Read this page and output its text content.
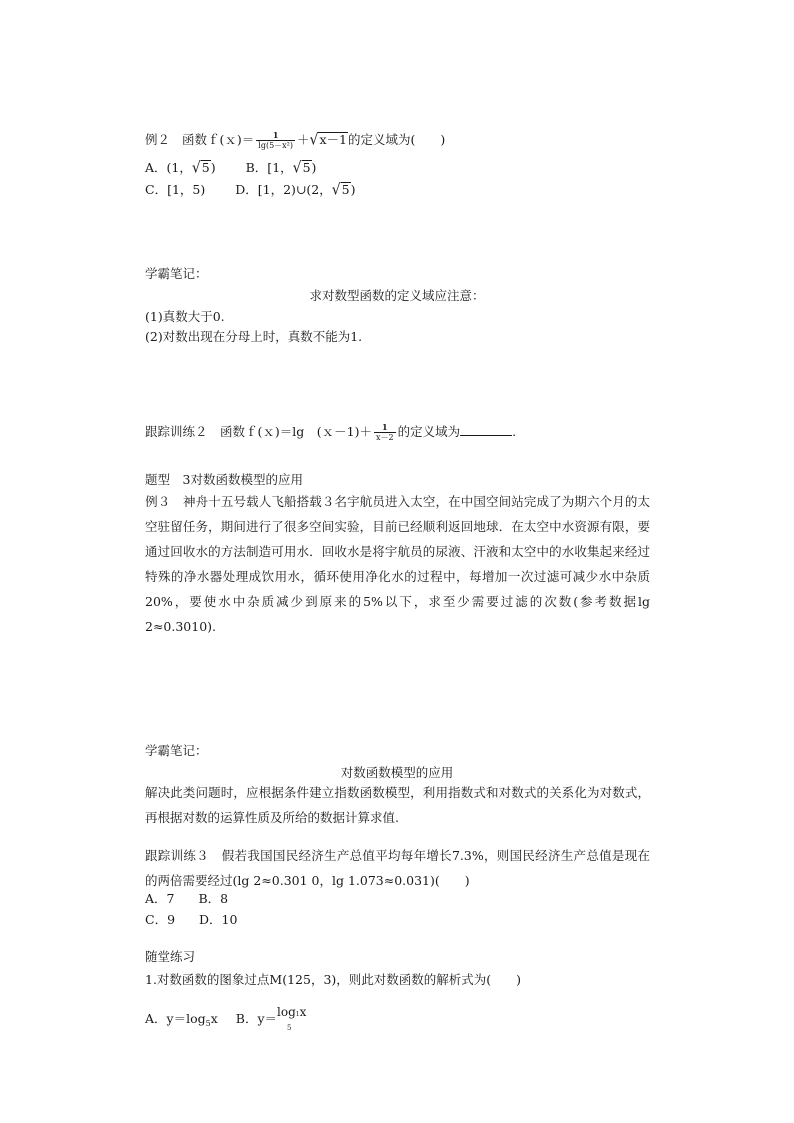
例２ 函数ｆ(ｘ)＝ $\frac{1}{\text{lg(5－x²)}} +√x-1$的定义域为(　　)
A．(1，√5) B．[1，√5)
C．[1，5) D．[1，2)∪(2，√5)
学霸笔记：
求对数型函数的定义域应注意：
(1)真数大于0.
(2)对数出现在分母上时，真数不能为1.
跟踪训练２　函数ｆ(ｘ)＝lg　(ｘ－1)＋ $\frac{1}{x-2}$ 的定义域为	.
题型　3对数函数模型的应用
例３　神舟十五号载人飞船搭载３名宇航员进入太空，在中国空间站完成了为期六个月的太空驻留任务，期间进行了很多空间实验，目前已经顺利返回地球．在太空中水资源有限，要通过回收水的方法制造可用水．回收水是将宇航员的尿液、汗液和太空中的水收集起来经过特殊的净水器处理成饮用水，循环使用净化水的过程中，每增加一次过滤可减少水中杂质20%，要使水中杂质减少到原来的5%以下，求至少需要过滤的次数(参考数据lg 2≈0.3010).
学霸笔记：
对数函数模型的应用
解决此类问题时，应根据条件建立指数函数模型，利用指数式和对数式的关系化为对数式，再根据对数的运算性质及所给的数据计算求值.
跟踪训练３　假若我国国民经济生产总值平均每年增长7.3%，则国民经济生产总值是现在的两倍需要经过(lg 2≈0.301 0，lg 1.073≈0.031)(　　)
A．7 B．8
C．9 D．10
随堂练习
1.对数函数的图象过点M(125，3)，则此对数函数的解析式为(　　)
A．$y=\log_5x$ B．y＝ log1x
5
